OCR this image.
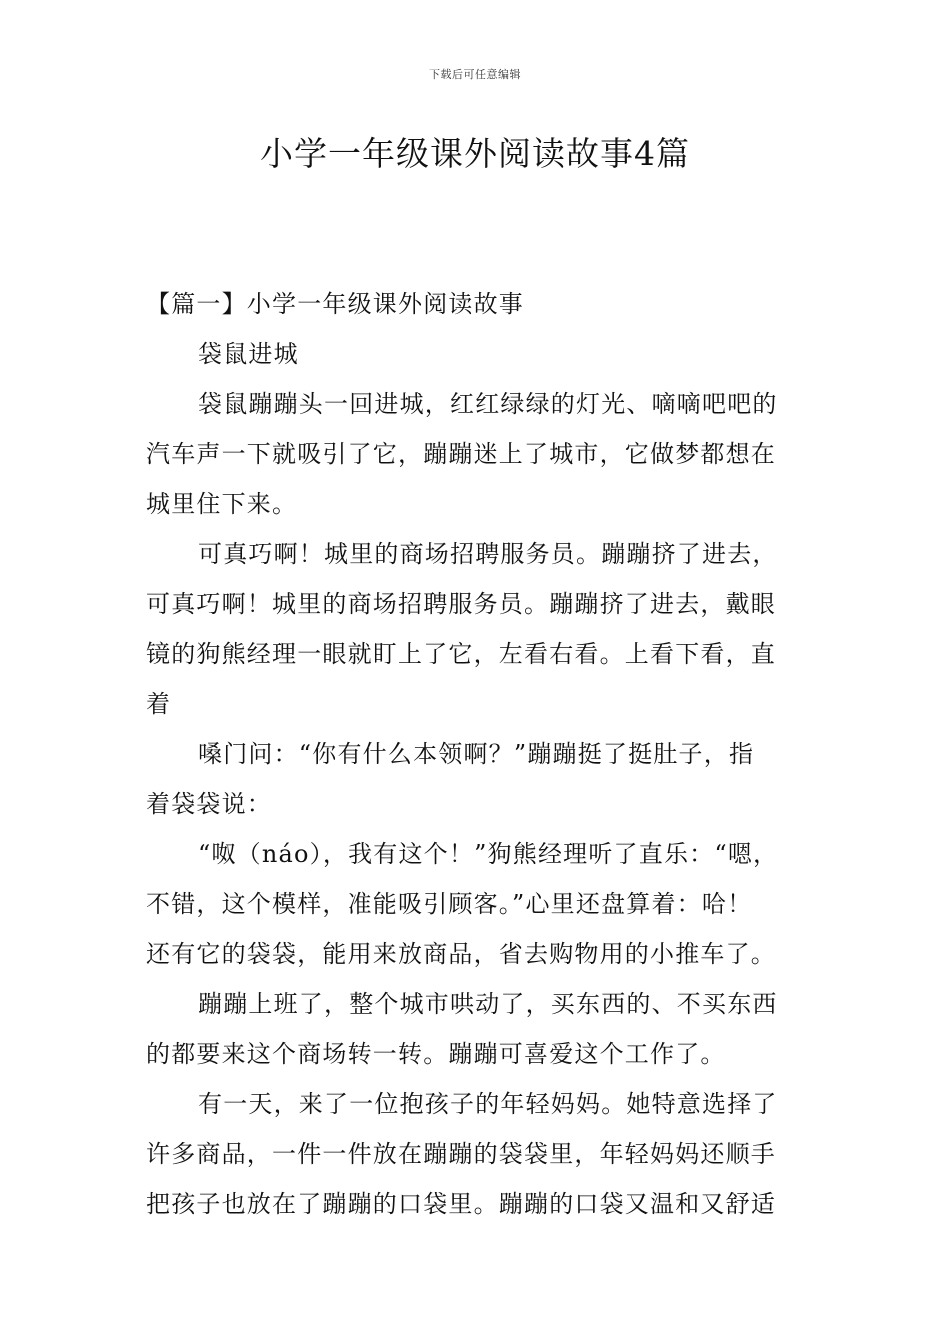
下载后可任意编辑
小学一年级课外阅读故事4篇
【篇一】小学一年级课外阅读故事
袋鼠进城
袋鼠蹦蹦头一回进城，红红绿绿的灯光、嘀嘀吧吧的
汽车声一下就吸引了它，蹦蹦迷上了城市，它做梦都想在
城里住下来。
可真巧啊！城里的商场招聘服务员。蹦蹦挤了进去，
可真巧啊！城里的商场招聘服务员。蹦蹦挤了进去，戴眼
镜的狗熊经理一眼就盯上了它，左看右看。上看下看，直
着
嗓门问：“你有什么本领啊？”蹦蹦挺了挺肚子，指
着袋袋说：
“呶（náo），我有这个！”狗熊经理听了直乐：“嗯，
不错，这个模样，准能吸引顾客。”心里还盘算着：哈！
还有它的袋袋，能用来放商品，省去购物用的小推车了。
蹦蹦上班了，整个城市哄动了，买东西的、不买东西
的都要来这个商场转一转。蹦蹦可喜爱这个工作了。
有一天，来了一位抱孩子的年轻妈妈。她特意选择了
许多商品，一件一件放在蹦蹦的袋袋里，年轻妈妈还顺手
把孩子也放在了蹦蹦的口袋里。蹦蹦的口袋又温和又舒适
